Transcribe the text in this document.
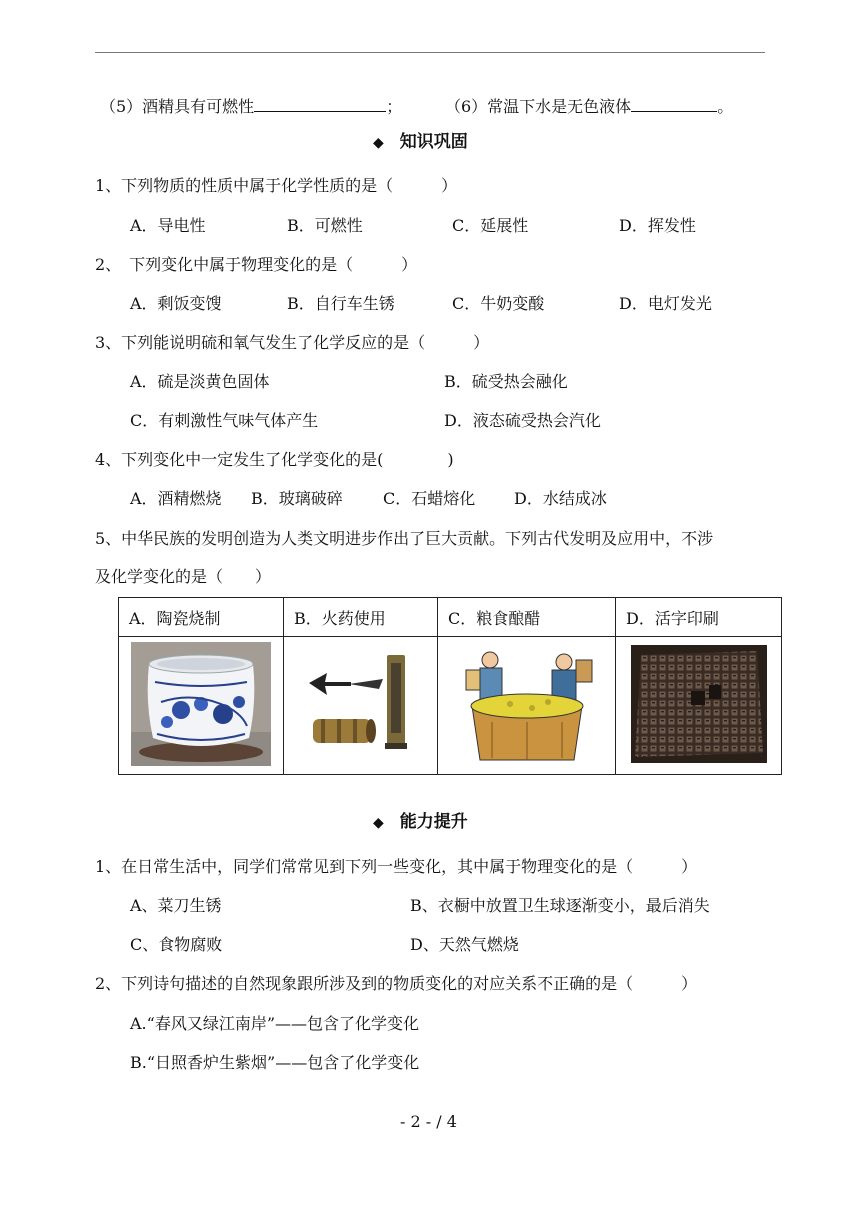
（5）酒精具有可燃性	；	（6）常温下水是无色液体	。
◆ 知识巩固
1、下列物质的性质中属于化学性质的是（　　　）
A．导电性	B．可燃性	C．延展性	D．挥发性
2、　下列变化中属于物理变化的是（　　　）
A．剩饭变馊	B．自行车生锈	C．牛奶变酸	D．电灯发光
3、下列能说明硫和氧气发生了化学反应的是（　　　）
A．硫是淡黄色固体	B．硫受热会融化
C．有刺激性气味气体产生	D．液态硫受热会汽化
4、下列变化中一定发生了化学变化的是(　　　　)
A．酒精燃烧 B．玻璃破碎	C．石蜡熔化 D．水结成冰
5、中华民族的发明创造为人类文明进步作出了巨大贡献。下列古代发明及应用中，不涉
及化学变化的是（　　）
A．陶瓷烧制	B．火药使用	C．粮食酿醋	D．活字印刷

◆ 能力提升
1、在日常生活中，同学们常常见到下列一些变化，其中属于物理变化的是（　　　）
A、菜刀生锈	B、衣橱中放置卫生球逐渐变小，最后消失
C、食物腐败	D、天然气燃烧
2、下列诗句描述的自然现象跟所涉及到的物质变化的对应关系不正确的是（　　　）
A.“春风又绿江南岸”——包含了化学变化
B.“日照香炉生紫烟”——包含了化学变化
- 2 - / 4
